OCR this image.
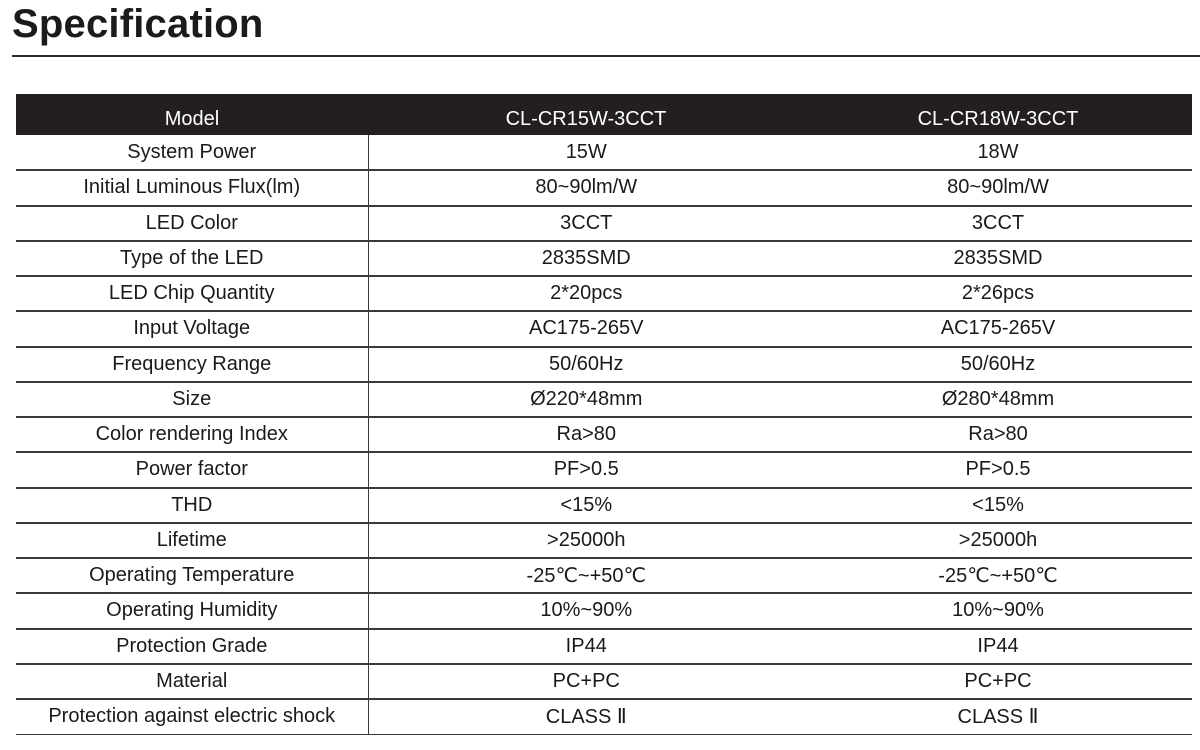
Specification
Model	CL-CR15W-3CCT	CL-CR18W-3CCT
System Power	15W	18W
Initial Luminous Flux(lm)	80~90lm/W	80~90lm/W
LED Color	3CCT	3CCT
Type of the LED	2835SMD	2835SMD
LED Chip Quantity	2*20pcs	2*26pcs
Input Voltage	AC175-265V	AC175-265V
Frequency Range	50/60Hz	50/60Hz
Size	Ø220*48mm	Ø280*48mm
Color rendering Index	Ra>80	Ra>80
Power factor	PF>0.5	PF>0.5
THD	<15%	<15%
Lifetime	>25000h	>25000h
Operating Temperature	-25℃~+50℃	-25℃~+50℃
Operating Humidity	10%~90%	10%~90%
Protection Grade	IP44	IP44
Material	PC+PC	PC+PC
Protection against electric shock	CLASS Ⅱ	CLASS Ⅱ
